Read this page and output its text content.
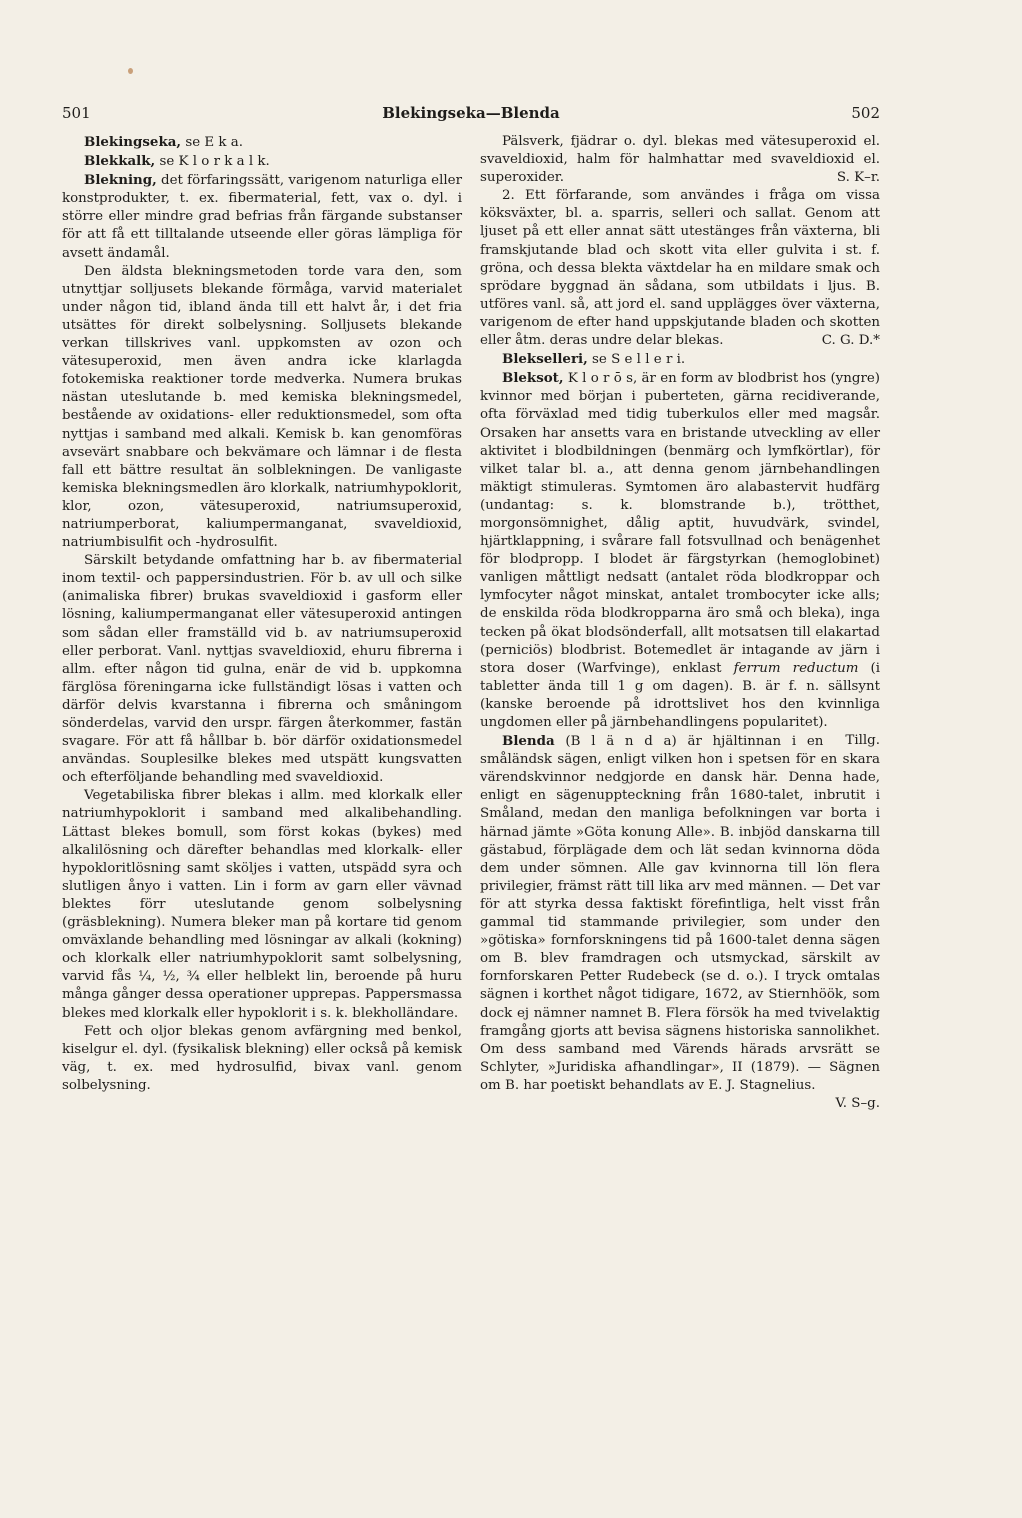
501	Blekingseka—Blenda	502

Blekingseka, se E k a.

Blekkalk, se K l o r k a l k.

Blekning, det förfaringssätt, varigenom naturliga eller konstprodukter, t. ex. fibermaterial, fett, vax o. dyl. i större eller mindre grad befrias från färgande substanser för att få ett tilltalande utseende eller göras lämpliga för avsett ändamål.

Den äldsta blekningsmetoden torde vara den, som utnyttjar solljusets blekande förmåga, varvid materialet under någon tid, ibland ända till ett halvt år, i det fria utsättes för direkt solbelysning. Solljusets blekande verkan tillskrives vanl. uppkomsten av ozon och vätesuperoxid, men även andra icke klarlagda fotokemiska reaktioner torde medverka. Numera brukas nästan uteslutande b. med kemiska blekningsmedel, bestående av oxidations- eller reduktionsmedel, som ofta nyttjas i samband med alkali. Kemisk b. kan genomföras avsevärt snabbare och bekvämare och lämnar i de flesta fall ett bättre resultat än solblekningen. De vanligaste kemiska blekningsmedlen äro klorkalk, natriumhypoklorit, klor, ozon, vätesuperoxid, natriumsuperoxid, natriumperborat, kaliumpermanganat, svaveldioxid, natriumbisulfit och -hydrosulfit.

Särskilt betydande omfattning har b. av fibermaterial inom textil- och pappersindustrien. För b. av ull och silke (animaliska fibrer) brukas svaveldioxid i gasform eller lösning, kaliumpermanganat eller vätesuperoxid antingen som sådan eller framställd vid b. av natriumsuperoxid eller perborat. Vanl. nyttjas svaveldioxid, ehuru fibrerna i allm. efter någon tid gulna, enär de vid b. uppkomna färglösa föreningarna icke fullständigt lösas i vatten och därför delvis kvarstanna i fibrerna och småningom sönderdelas, varvid den urspr. färgen återkommer, fastän svagare. För att få hållbar b. bör därför oxidationsmedel användas. Souplesilke blekes med utspätt kungsvatten och efterföljande behandling med svaveldioxid.

Vegetabiliska fibrer blekas i allm. med klorkalk eller natriumhypoklorit i samband med alkalibehandling. Lättast blekes bomull, som först kokas (bykes) med alkalilösning och därefter behandlas med klorkalk- eller hypokloritlösning samt sköljes i vatten, utspädd syra och slutligen ånyo i vatten. Lin i form av garn eller vävnad blektes förr uteslutande genom solbelysning (gräsblekning). Numera bleker man på kortare tid genom omväxlande behandling med lösningar av alkali (kokning) och klorkalk eller natriumhypoklorit samt solbelysning, varvid fås ¼, ½, ¾ eller helblekt lin, beroende på huru många gånger dessa operationer upprepas. Pappersmassa blekes med klorkalk eller hypoklorit i s. k. blekholländare.

Fett och oljor blekas genom avfärgning med benkol, kiselgur el. dyl. (fysikalisk blekning) eller också på kemisk väg, t. ex. med hydrosulfid, bivax vanl. genom solbelysning.

Pälsverk, fjädrar o. dyl. blekas med vätesuperoxid el. svaveldioxid, halm för halmhattar med svaveldioxid el. superoxider.	S. K–r.

2. Ett förfarande, som användes i fråga om vissa köksväxter, bl. a. sparris, selleri och sallat. Genom att ljuset på ett eller annat sätt utestänges från växterna, bli framskjutande blad och skott vita eller gulvita i st. f. gröna, och dessa blekta växtdelar ha en mildare smak och sprödare byggnad än sådana, som utbildats i ljus. B. utföres vanl. så, att jord el. sand upplägges över växterna, varigenom de efter hand uppskjutande bladen och skotten eller åtm. deras undre delar blekas.	C. G. D.*

Blekselleri, se S e l l e r i.

Bleksot, K l o r ō s, är en form av blodbrist hos (yngre) kvinnor med början i puberteten, gärna recidiverande, ofta förväxlad med tidig tuberkulos eller med magsår. Orsaken har ansetts vara en bristande utveckling av eller aktivitet i blodbildningen (benmärg och lymfkörtlar), för vilket talar bl. a., att denna genom järnbehandlingen mäktigt stimuleras. Symtomen äro alabastervit hudfärg (undantag: s. k. blomstrande b.), trötthet, morgonsömnighet, dålig aptit, huvudvärk, svindel, hjärtklappning, i svårare fall fotsvullnad och benägenhet för blodpropp. I blodet är färgstyrkan (hemoglobinet) vanligen måttligt nedsatt (antalet röda blodkroppar och lymfocyter något minskat, antalet trombocyter icke alls; de enskilda röda blodkropparna äro små och bleka), inga tecken på ökat blodsönderfall, allt motsatsen till elakartad (perniciös) blodbrist. Botemedlet är intagande av järn i stora doser (Warfvinge), enklast ferrum reductum (i tabletter ända till 1 g om dagen). B. är f. n. sällsynt (kanske beroende på idrottslivet hos den kvinnliga ungdomen eller på järnbehandlingens popularitet).
Tillg.

Blenda (B l ä n d a) är hjältinnan i en småländsk sägen, enligt vilken hon i spetsen för en skara värendskvinnor nedgjorde en dansk här. Denna hade, enligt en sägenuppteckning från 1680-talet, inbrutit i Småland, medan den manliga befolkningen var borta i härnad jämte »Göta konung Alle». B. inbjöd danskarna till gästabud, förplägade dem och lät sedan kvinnorna döda dem under sömnen. Alle gav kvinnorna till lön flera privilegier, främst rätt till lika arv med männen. — Det var för att styrka dessa faktiskt förefintliga, helt visst från gammal tid stammande privilegier, som under den »götiska» fornforskningens tid på 1600-talet denna sägen om B. blev framdragen och utsmyckad, särskilt av fornforskaren Petter Rudebeck (se d. o.). I tryck omtalas sägnen i korthet något tidigare, 1672, av Stiernhöök, som dock ej nämner namnet B. Flera försök ha med tvivelaktig framgång gjorts att bevisa sägnens historiska sannolikhet. Om dess samband med Värends härads arvsrätt se Schlyter, »Juridiska afhandlingar», II (1879). — Sägnen om B. har poetiskt behandlats av E. J. Stagnelius.
V. S–g.
